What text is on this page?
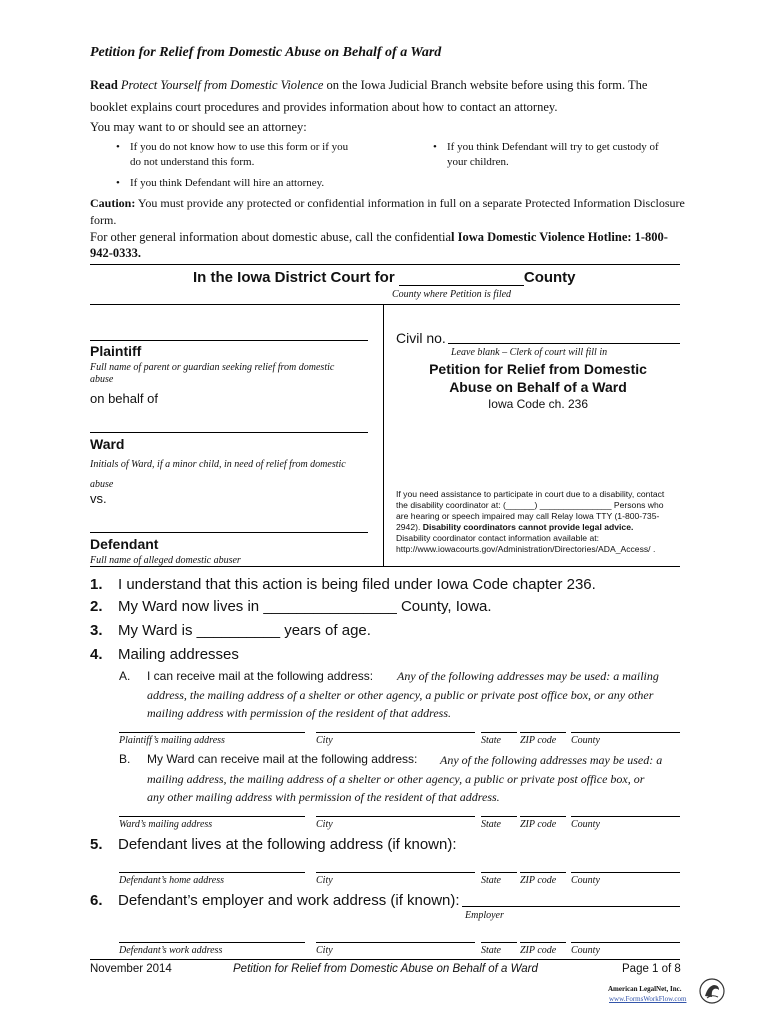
Petition for Relief from Domestic Abuse on Behalf of a Ward
Read Protect Yourself from Domestic Violence on the Iowa Judicial Branch website before using this form. The
booklet explains court procedures and provides information about how to contact an attorney.
You may want to or should see an attorney:
• If you do not know how to use this form or if you
do not understand this form.
• If you think Defendant will try to get custody of
your children.
• If you think Defendant will hire an attorney.
Caution: You must provide any protected or confidential information in full on a separate Protected Information Disclosure
form.
For other general information about domestic abuse, call the confidential Iowa Domestic Violence Hotline: 1-800-
942-0333.
In the Iowa District Court for	County
County where Petition is filed
Plaintiff
Full name of parent or guardian seeking relief from domestic
abuse
on behalf of
Ward
Initials of Ward, if a minor child, in need of relief from domestic
abuse
vs.
Defendant
Full name of alleged domestic abuser
Civil no.
Leave blank – Clerk of court will fill in
Petition for Relief from Domestic
Abuse on Behalf of a Ward
Iowa Code ch. 236
If you need assistance to participate in court due to a disability, contact
the disability coordinator at: (______) _______________ Persons who
are hearing or speech impaired may call Relay Iowa TTY (1-800-735-
2942). Disability coordinators cannot provide legal advice.
Disability coordinator contact information available at:
http://www.iowacourts.gov/Administration/Directories/ADA_Access/ .
1. I understand that this action is being filed under Iowa Code chapter 236.
2. My Ward now lives in ________________ County, Iowa.
3. My Ward is __________ years of age.
4. Mailing addresses
A. I can receive mail at the following address: Any of the following addresses may be used: a mailing
address, the mailing address of a shelter or other agency, a public or private post office box, or any other
mailing address with permission of the resident of that address.
Plaintiff’s mailing address	City	State ZIP code County
B. My Ward can receive mail at the following address: Any of the following addresses may be used: a
mailing address, the mailing address of a shelter or other agency, a public or private post office box, or
any other mailing address with permission of the resident of that address.
Ward’s mailing address	City	State ZIP code County
5. Defendant lives at the following address (if known):
Defendant’s home address	City	State ZIP code County
6. Defendant’s employer and work address (if known):
Employer
Defendant’s work address	City	State ZIP code County
November 2014	Petition for Relief from Domestic Abuse on Behalf of a Ward	Page 1 of 8
American LegalNet, Inc.
www.FormsWorkFlow.com
